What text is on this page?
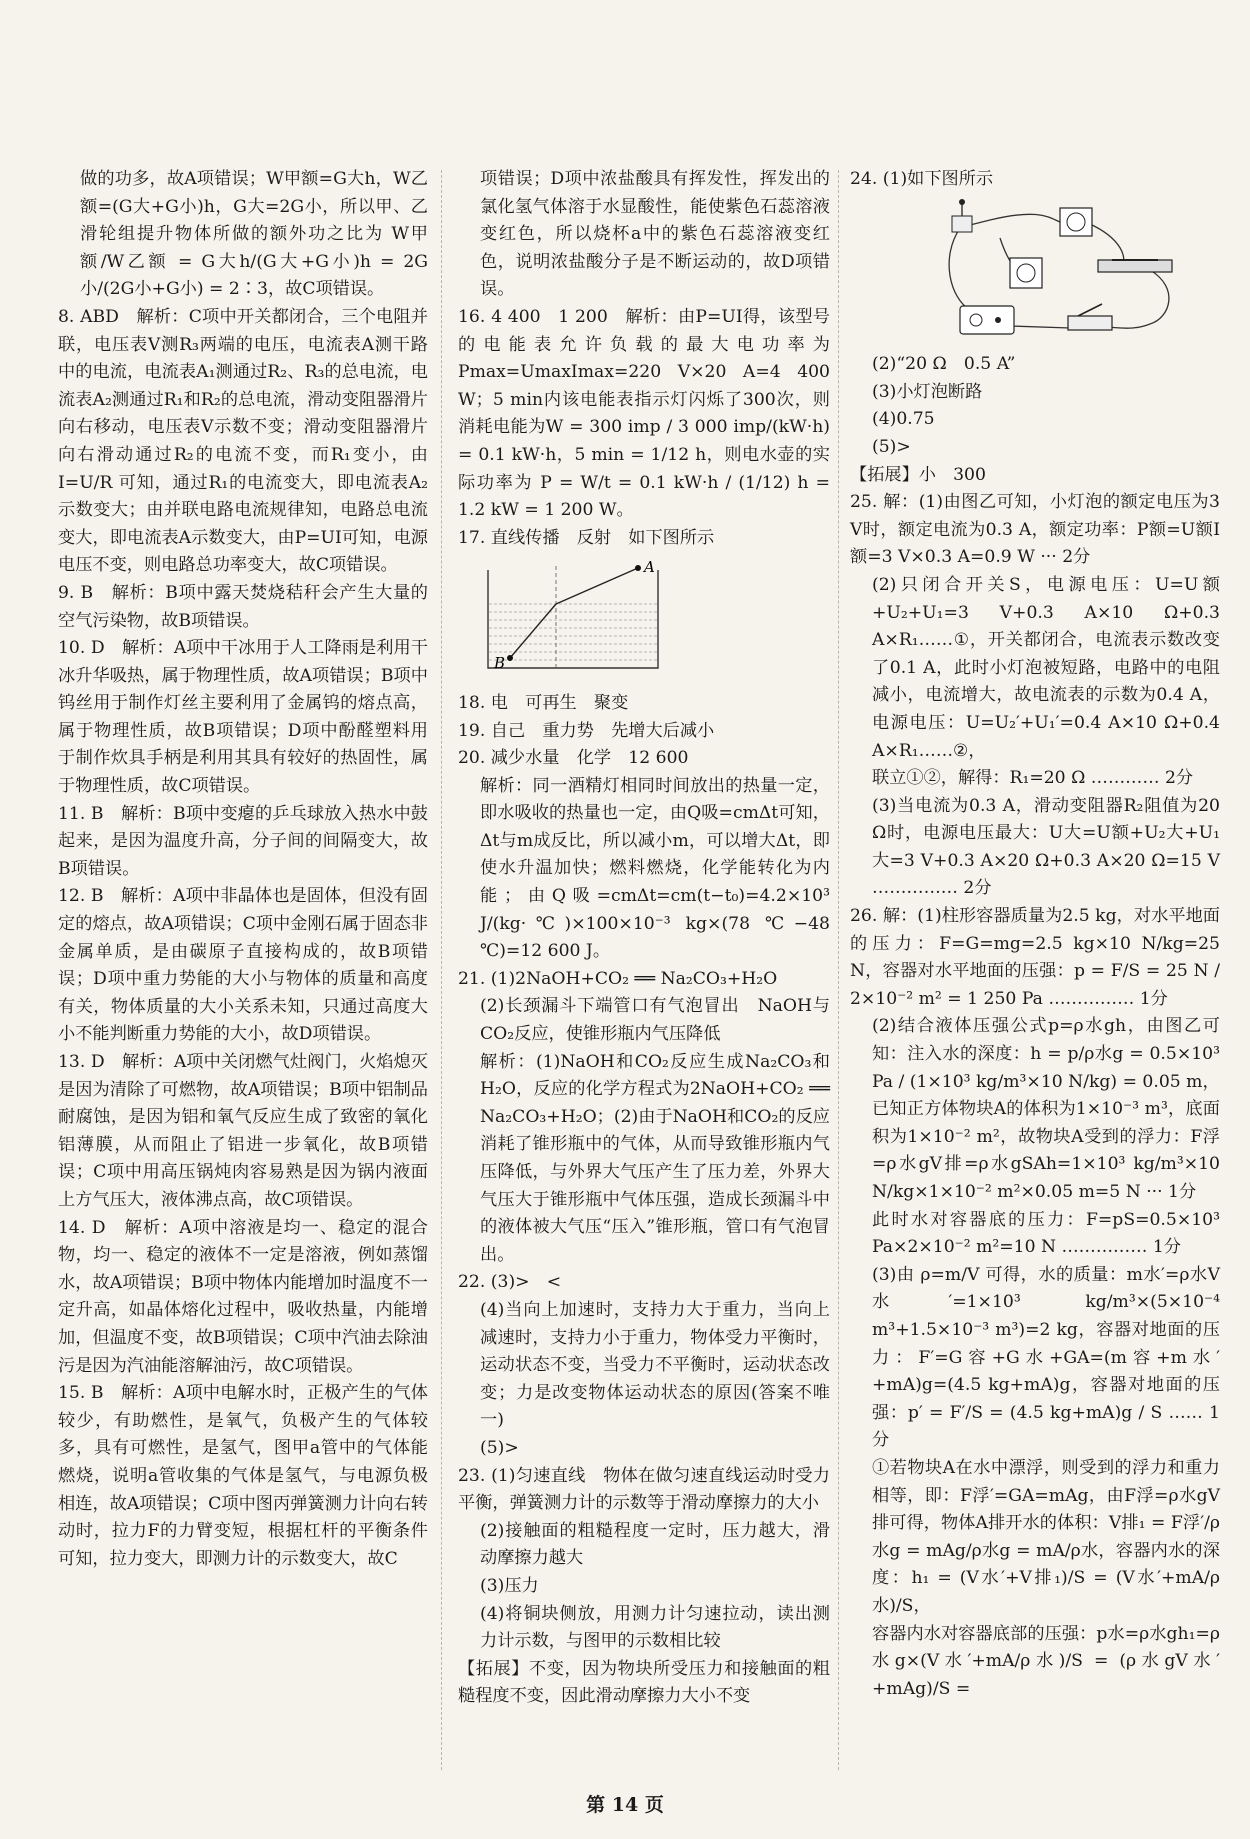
做的功多，故A项错误；W甲额=G大h，W乙额=(G大+G小)h，G大=2G小，所以甲、乙滑轮组提升物体所做的额外功之比为 W甲额/W乙额 = G大h/(G大+G小)h = 2G小/(2G小+G小) = 2∶3，故C项错误。

8. ABD　解析：C项中开关都闭合，三个电阻并联，电压表V测R₃两端的电压，电流表A测干路中的电流，电流表A₁测通过R₂、R₃的总电流，电流表A₂测通过R₁和R₂的总电流，滑动变阻器滑片向右移动，电压表V示数不变；滑动变阻器滑片向右滑动通过R₂的电流不变，而R₁变小，由 I=U/R 可知，通过R₁的电流变大，即电流表A₂示数变大；由并联电路电流规律知，电路总电流变大，即电流表A示数变大，由P=UI可知，电源电压不变，则电路总功率变大，故C项错误。

9. B　解析：B项中露天焚烧秸秆会产生大量的空气污染物，故B项错误。

10. D　解析：A项中干冰用于人工降雨是利用干冰升华吸热，属于物理性质，故A项错误；B项中钨丝用于制作灯丝主要利用了金属钨的熔点高，属于物理性质，故B项错误；D项中酚醛塑料用于制作炊具手柄是利用其具有较好的热固性，属于物理性质，故C项错误。

11. B　解析：B项中变瘪的乒乓球放入热水中鼓起来，是因为温度升高，分子间的间隔变大，故B项错误。

12. B　解析：A项中非晶体也是固体，但没有固定的熔点，故A项错误；C项中金刚石属于固态非金属单质，是由碳原子直接构成的，故B项错误；D项中重力势能的大小与物体的质量和高度有关，物体质量的大小关系未知，只通过高度大小不能判断重力势能的大小，故D项错误。

13. D　解析：A项中关闭燃气灶阀门，火焰熄灭是因为清除了可燃物，故A项错误；B项中铝制品耐腐蚀，是因为铝和氧气反应生成了致密的氧化铝薄膜，从而阻止了铝进一步氧化，故B项错误；C项中用高压锅炖肉容易熟是因为锅内液面上方气压大，液体沸点高，故C项错误。

14. D　解析：A项中溶液是均一、稳定的混合物，均一、稳定的液体不一定是溶液，例如蒸馏水，故A项错误；B项中物体内能增加时温度不一定升高，如晶体熔化过程中，吸收热量，内能增加，但温度不变，故B项错误；C项中汽油去除油污是因为汽油能溶解油污，故C项错误。

15. B　解析：A项中电解水时，正极产生的气体较少，有助燃性，是氧气，负极产生的气体较多，具有可燃性，是氢气，图甲a管中的气体能燃烧，说明a管收集的气体是氢气，与电源负极相连，故A项错误；C项中图丙弹簧测力计向右转动时，拉力F的力臂变短，根据杠杆的平衡条件可知，拉力变大，即测力计的示数变大，故C

项错误；D项中浓盐酸具有挥发性，挥发出的氯化氢气体溶于水显酸性，能使紫色石蕊溶液变红色，所以烧杯a中的紫色石蕊溶液变红色，说明浓盐酸分子是不断运动的，故D项错误。

16. 4 400　1 200　解析：由P=UI得，该型号的电能表允许负载的最大电功率为Pmax=UmaxImax=220 V×20 A=4 400 W；5 min内该电能表指示灯闪烁了300次，则消耗电能为W = 300 imp / 3 000 imp/(kW·h) = 0.1 kW·h，5 min = 1/12 h，则电水壶的实际功率为 P = W/t = 0.1 kW·h / (1/12) h = 1.2 kW = 1 200 W。

17. 直线传播　反射　如下图所示

A
B

18. 电　可再生　聚变

19. 自己　重力势　先增大后减小

20. 减少水量　化学　12 600

解析：同一酒精灯相同时间放出的热量一定，即水吸收的热量也一定，由Q吸=cmΔt可知，Δt与m成反比，所以减小m，可以增大Δt，即使水升温加快；燃料燃烧，化学能转化为内能；由Q吸=cmΔt=cm(t−t₀)=4.2×10³ J/(kg·℃)×100×10⁻³ kg×(78 ℃−48 ℃)=12 600 J。

21. (1)2NaOH+CO₂ ══ Na₂CO₃+H₂O

(2)长颈漏斗下端管口有气泡冒出　NaOH与CO₂反应，使锥形瓶内气压降低

解析：(1)NaOH和CO₂反应生成Na₂CO₃和H₂O，反应的化学方程式为2NaOH+CO₂ ══ Na₂CO₃+H₂O；(2)由于NaOH和CO₂的反应消耗了锥形瓶中的气体，从而导致锥形瓶内气压降低，与外界大气压产生了压力差，外界大气压大于锥形瓶中气体压强，造成长颈漏斗中的液体被大气压“压入”锥形瓶，管口有气泡冒出。

22. (3)>　<

(4)当向上加速时，支持力大于重力，当向上减速时，支持力小于重力，物体受力平衡时，运动状态不变，当受力不平衡时，运动状态改变；力是改变物体运动状态的原因(答案不唯一)

(5)>

23. (1)匀速直线　物体在做匀速直线运动时受力平衡，弹簧测力计的示数等于滑动摩擦力的大小

(2)接触面的粗糙程度一定时，压力越大，滑动摩擦力越大

(3)压力

(4)将铜块侧放，用测力计匀速拉动，读出测力计示数，与图甲的示数相比较

【拓展】不变，因为物块所受压力和接触面的粗糙程度不变，因此滑动摩擦力大小不变

24. (1)如下图所示

(2)“20 Ω　0.5 A”

(3)小灯泡断路

(4)0.75

(5)>

【拓展】小　300

25. 解：(1)由图乙可知，小灯泡的额定电压为3 V时，额定电流为0.3 A，额定功率：P额=U额I额=3 V×0.3 A=0.9 W ··· 2分

(2)只闭合开关S，电源电压：U=U额+U₂+U₁=3 V+0.3 A×10 Ω+0.3 A×R₁……①，开关都闭合，电流表示数改变了0.1 A，此时小灯泡被短路，电路中的电阻减小，电流增大，故电流表的示数为0.4 A，电源电压：U=U₂′+U₁′=0.4 A×10 Ω+0.4 A×R₁……②，

联立①②，解得：R₁=20 Ω ………… 2分

(3)当电流为0.3 A，滑动变阻器R₂阻值为20 Ω时，电源电压最大：U大=U额+U₂大+U₁大=3 V+0.3 A×20 Ω+0.3 A×20 Ω=15 V …………… 2分

26. 解：(1)柱形容器质量为2.5 kg，对水平地面的压力：F=G=mg=2.5 kg×10 N/kg=25 N，容器对水平地面的压强：p = F/S = 25 N / 2×10⁻² m² = 1 250 Pa …………… 1分

(2)结合液体压强公式p=ρ水gh，由图乙可知：注入水的深度：h = p/ρ水g = 0.5×10³ Pa / (1×10³ kg/m³×10 N/kg) = 0.05 m，

已知正方体物块A的体积为1×10⁻³ m³，底面积为1×10⁻² m²，故物块A受到的浮力：F浮=ρ水gV排=ρ水gSAh=1×10³ kg/m³×10 N/kg×1×10⁻² m²×0.05 m=5 N ··· 1分

此时水对容器底的压力：F=pS=0.5×10³ Pa×2×10⁻² m²=10 N …………… 1分

(3)由 ρ=m/V 可得，水的质量：m水′=ρ水V水′=1×10³ kg/m³×(5×10⁻⁴ m³+1.5×10⁻³ m³)=2 kg，容器对地面的压力：F′=G容+G水+GA=(m容+m水′+mA)g=(4.5 kg+mA)g，容器对地面的压强：p′ = F′/S = (4.5 kg+mA)g / S …… 1分

①若物块A在水中漂浮，则受到的浮力和重力相等，即：F浮′=GA=mAg，由F浮=ρ水gV排可得，物体A排开水的体积：V排₁ = F浮′/ρ水g = mAg/ρ水g = mA/ρ水，容器内水的深度：h₁ = (V水′+V排₁)/S = (V水′+mA/ρ水)/S，

容器内水对容器底部的压强：p水=ρ水gh₁=ρ水g×(V水′+mA/ρ水)/S = (ρ水gV水′+mAg)/S =

第 14 页
